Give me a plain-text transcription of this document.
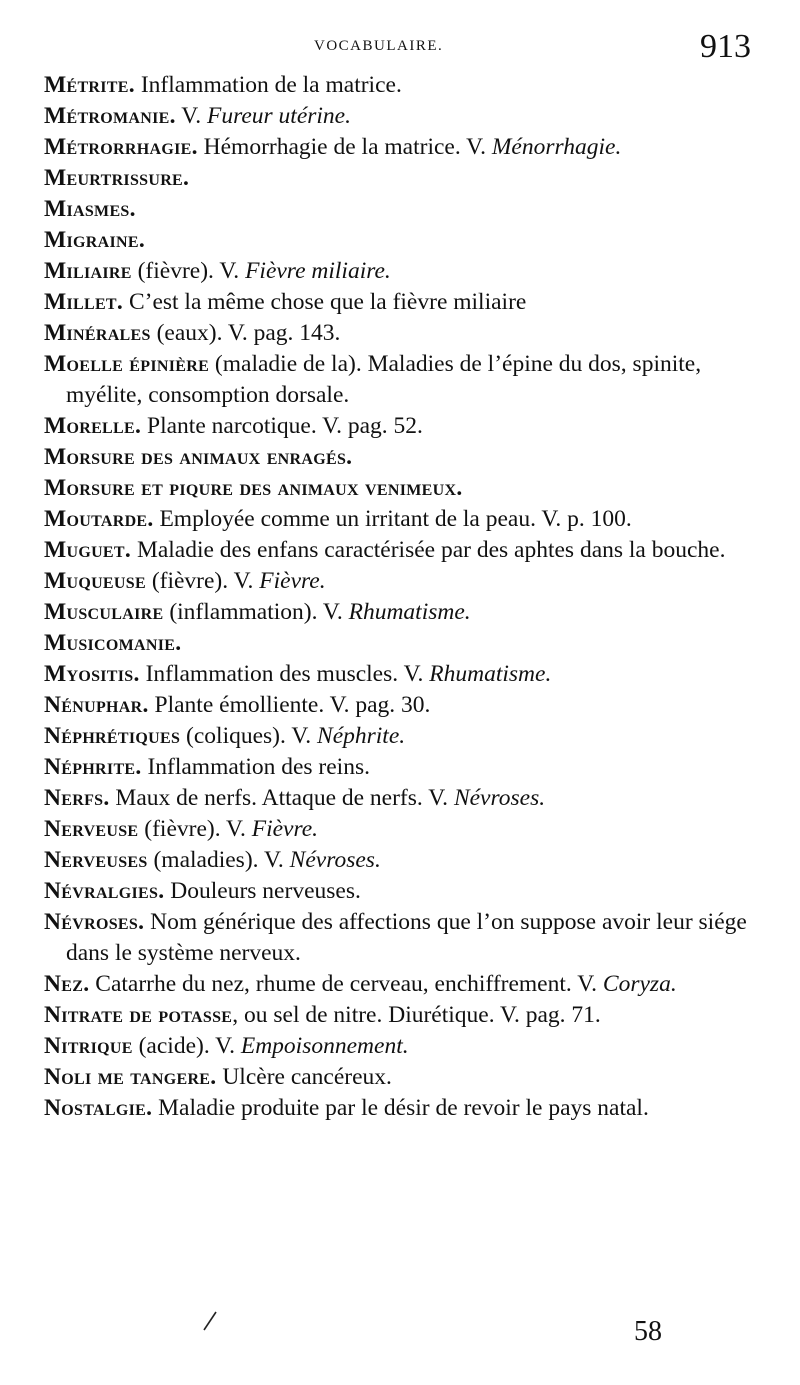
VOCABULAIRE.	913

Métrite. Inflammation de la matrice.

Métromanie. V. Fureur utérine.

Métrorrhagie. Hémorrhagie de la matrice. V. Ménorrhagie.

Meurtrissure.

Miasmes.

Migraine.

Miliaire (fièvre). V. Fièvre miliaire.

Millet. C’est la même chose que la fièvre miliaire

Minérales (eaux). V. pag. 143.

Moelle épinière (maladie de la). Maladies de l’épine du dos, spinite, myélite, consomption dorsale.

Morelle. Plante narcotique. V. pag. 52.

Morsure des animaux enragés.

Morsure et piqure des animaux venimeux.

Moutarde. Employée comme un irritant de la peau. V. p. 100.

Muguet. Maladie des enfans caractérisée par des aphtes dans la bouche.

Muqueuse (fièvre). V. Fièvre.

Musculaire (inflammation). V. Rhumatisme.

Musicomanie.

Myositis. Inflammation des muscles. V. Rhumatisme.

Nénuphar. Plante émolliente. V. pag. 30.

Néphrétiques (coliques). V. Néphrite.

Néphrite. Inflammation des reins.

Nerfs. Maux de nerfs. Attaque de nerfs. V. Névroses.

Nerveuse (fièvre). V. Fièvre.

Nerveuses (maladies). V. Névroses.

Névralgies. Douleurs nerveuses.

Névroses. Nom générique des affections que l’on suppose avoir leur siége dans le système nerveux.

Nez. Catarrhe du nez, rhume de cerveau, enchiffrement. V. Coryza.

Nitrate de potasse, ou sel de nitre. Diurétique. V. pag. 71.

Nitrique (acide). V. Empoisonnement.

Noli me tangere. Ulcère cancéreux.

Nostalgie. Maladie produite par le désir de revoir le pays natal.

58
